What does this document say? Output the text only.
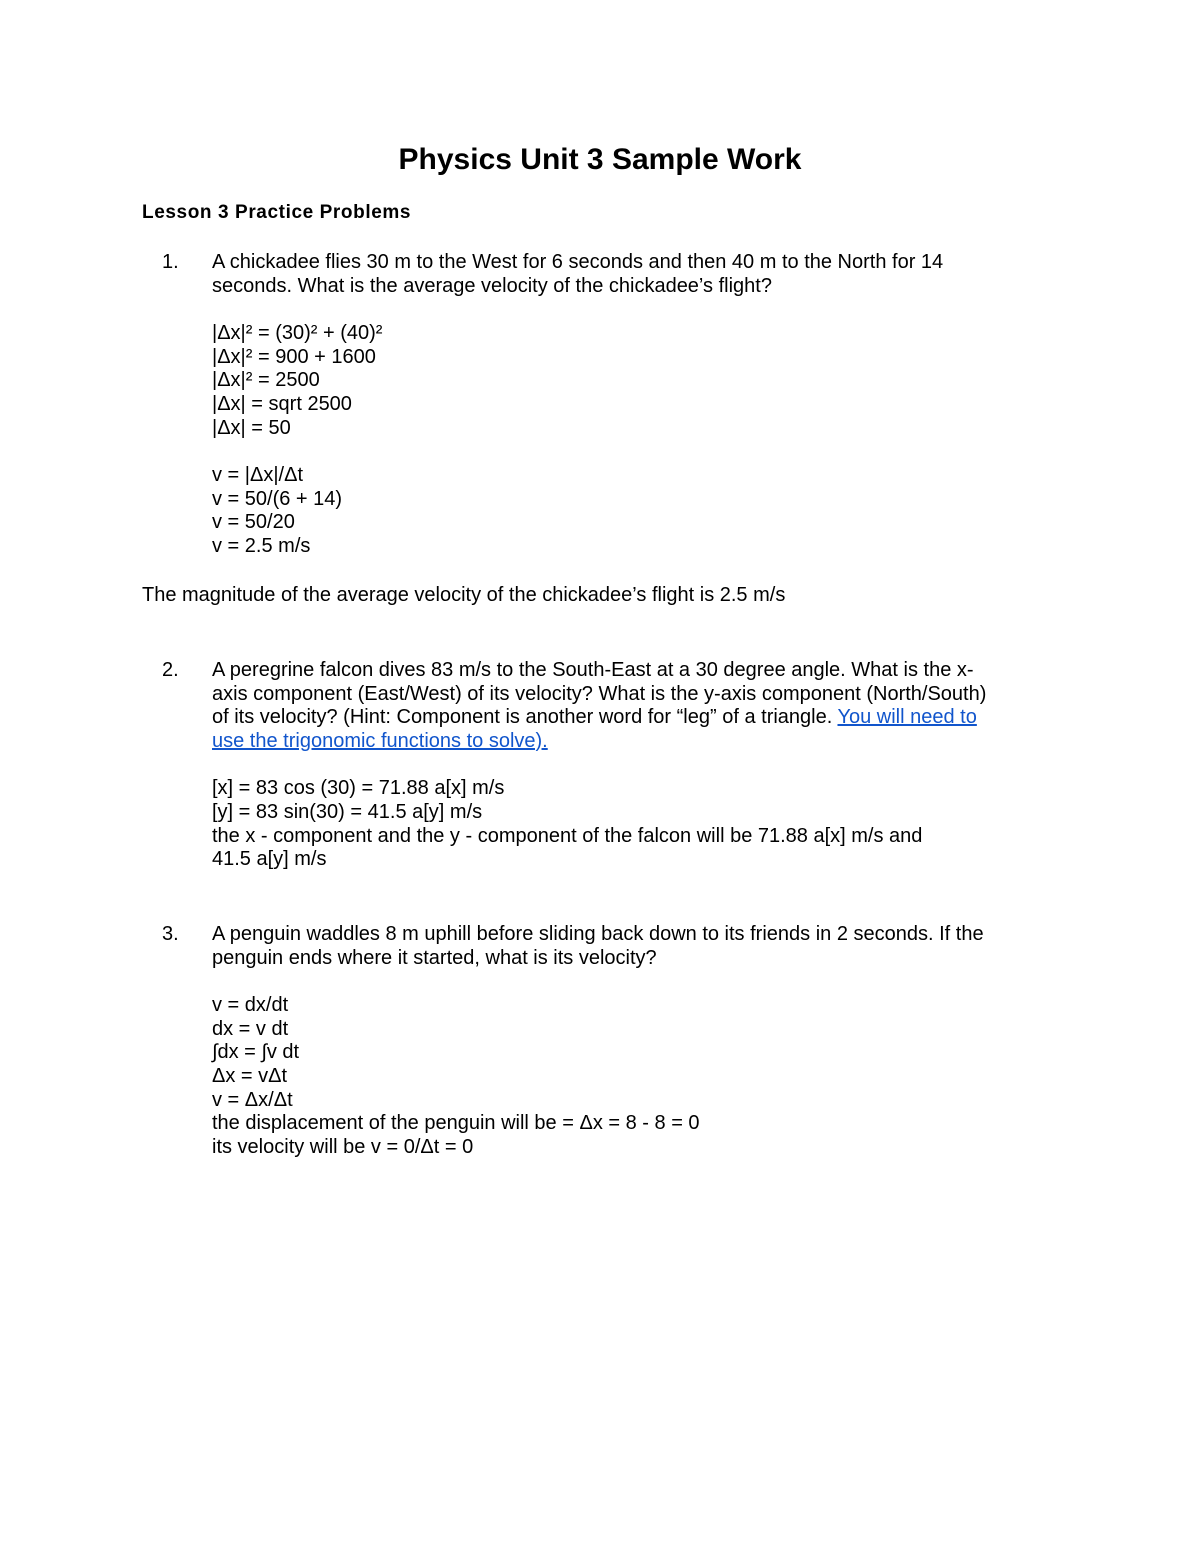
Physics Unit 3 Sample Work
Lesson 3 Practice Problems
1.	A chickadee flies 30 m to the West for 6 seconds and then 40 m to the North for 14
seconds. What is the average velocity of the chickadee’s flight?
|Δx|² = (30)² + (40)²
|Δx|² = 900 + 1600
|Δx|² = 2500
|Δx| = sqrt 2500
|Δx| = 50
v = |Δx|/Δt
v = 50/(6 + 14)
v = 50/20
v = 2.5 m/s
The magnitude of the average velocity of the chickadee’s flight is 2.5 m/s
2.	A peregrine falcon dives 83 m/s to the South-East at a 30 degree angle. What is the x-
axis component (East/West) of its velocity? What is the y-axis component (North/South)
of its velocity? (Hint: Component is another word for “leg” of a triangle. You will need to
use the trigonomic functions to solve).
[x] = 83 cos (30) = 71.88 a[x] m/s
[y] = 83 sin(30) = 41.5 a[y] m/s
the x - component and the y - component of the falcon will be 71.88 a[x] m/s and
41.5 a[y] m/s
3.	A penguin waddles 8 m uphill before sliding back down to its friends in 2 seconds. If the
penguin ends where it started, what is its velocity?
v = dx/dt
dx = v dt
∫dx = ∫v dt
Δx = vΔt
v = Δx/Δt
the displacement of the penguin will be = Δx = 8 - 8 = 0
its velocity will be v = 0/Δt = 0
